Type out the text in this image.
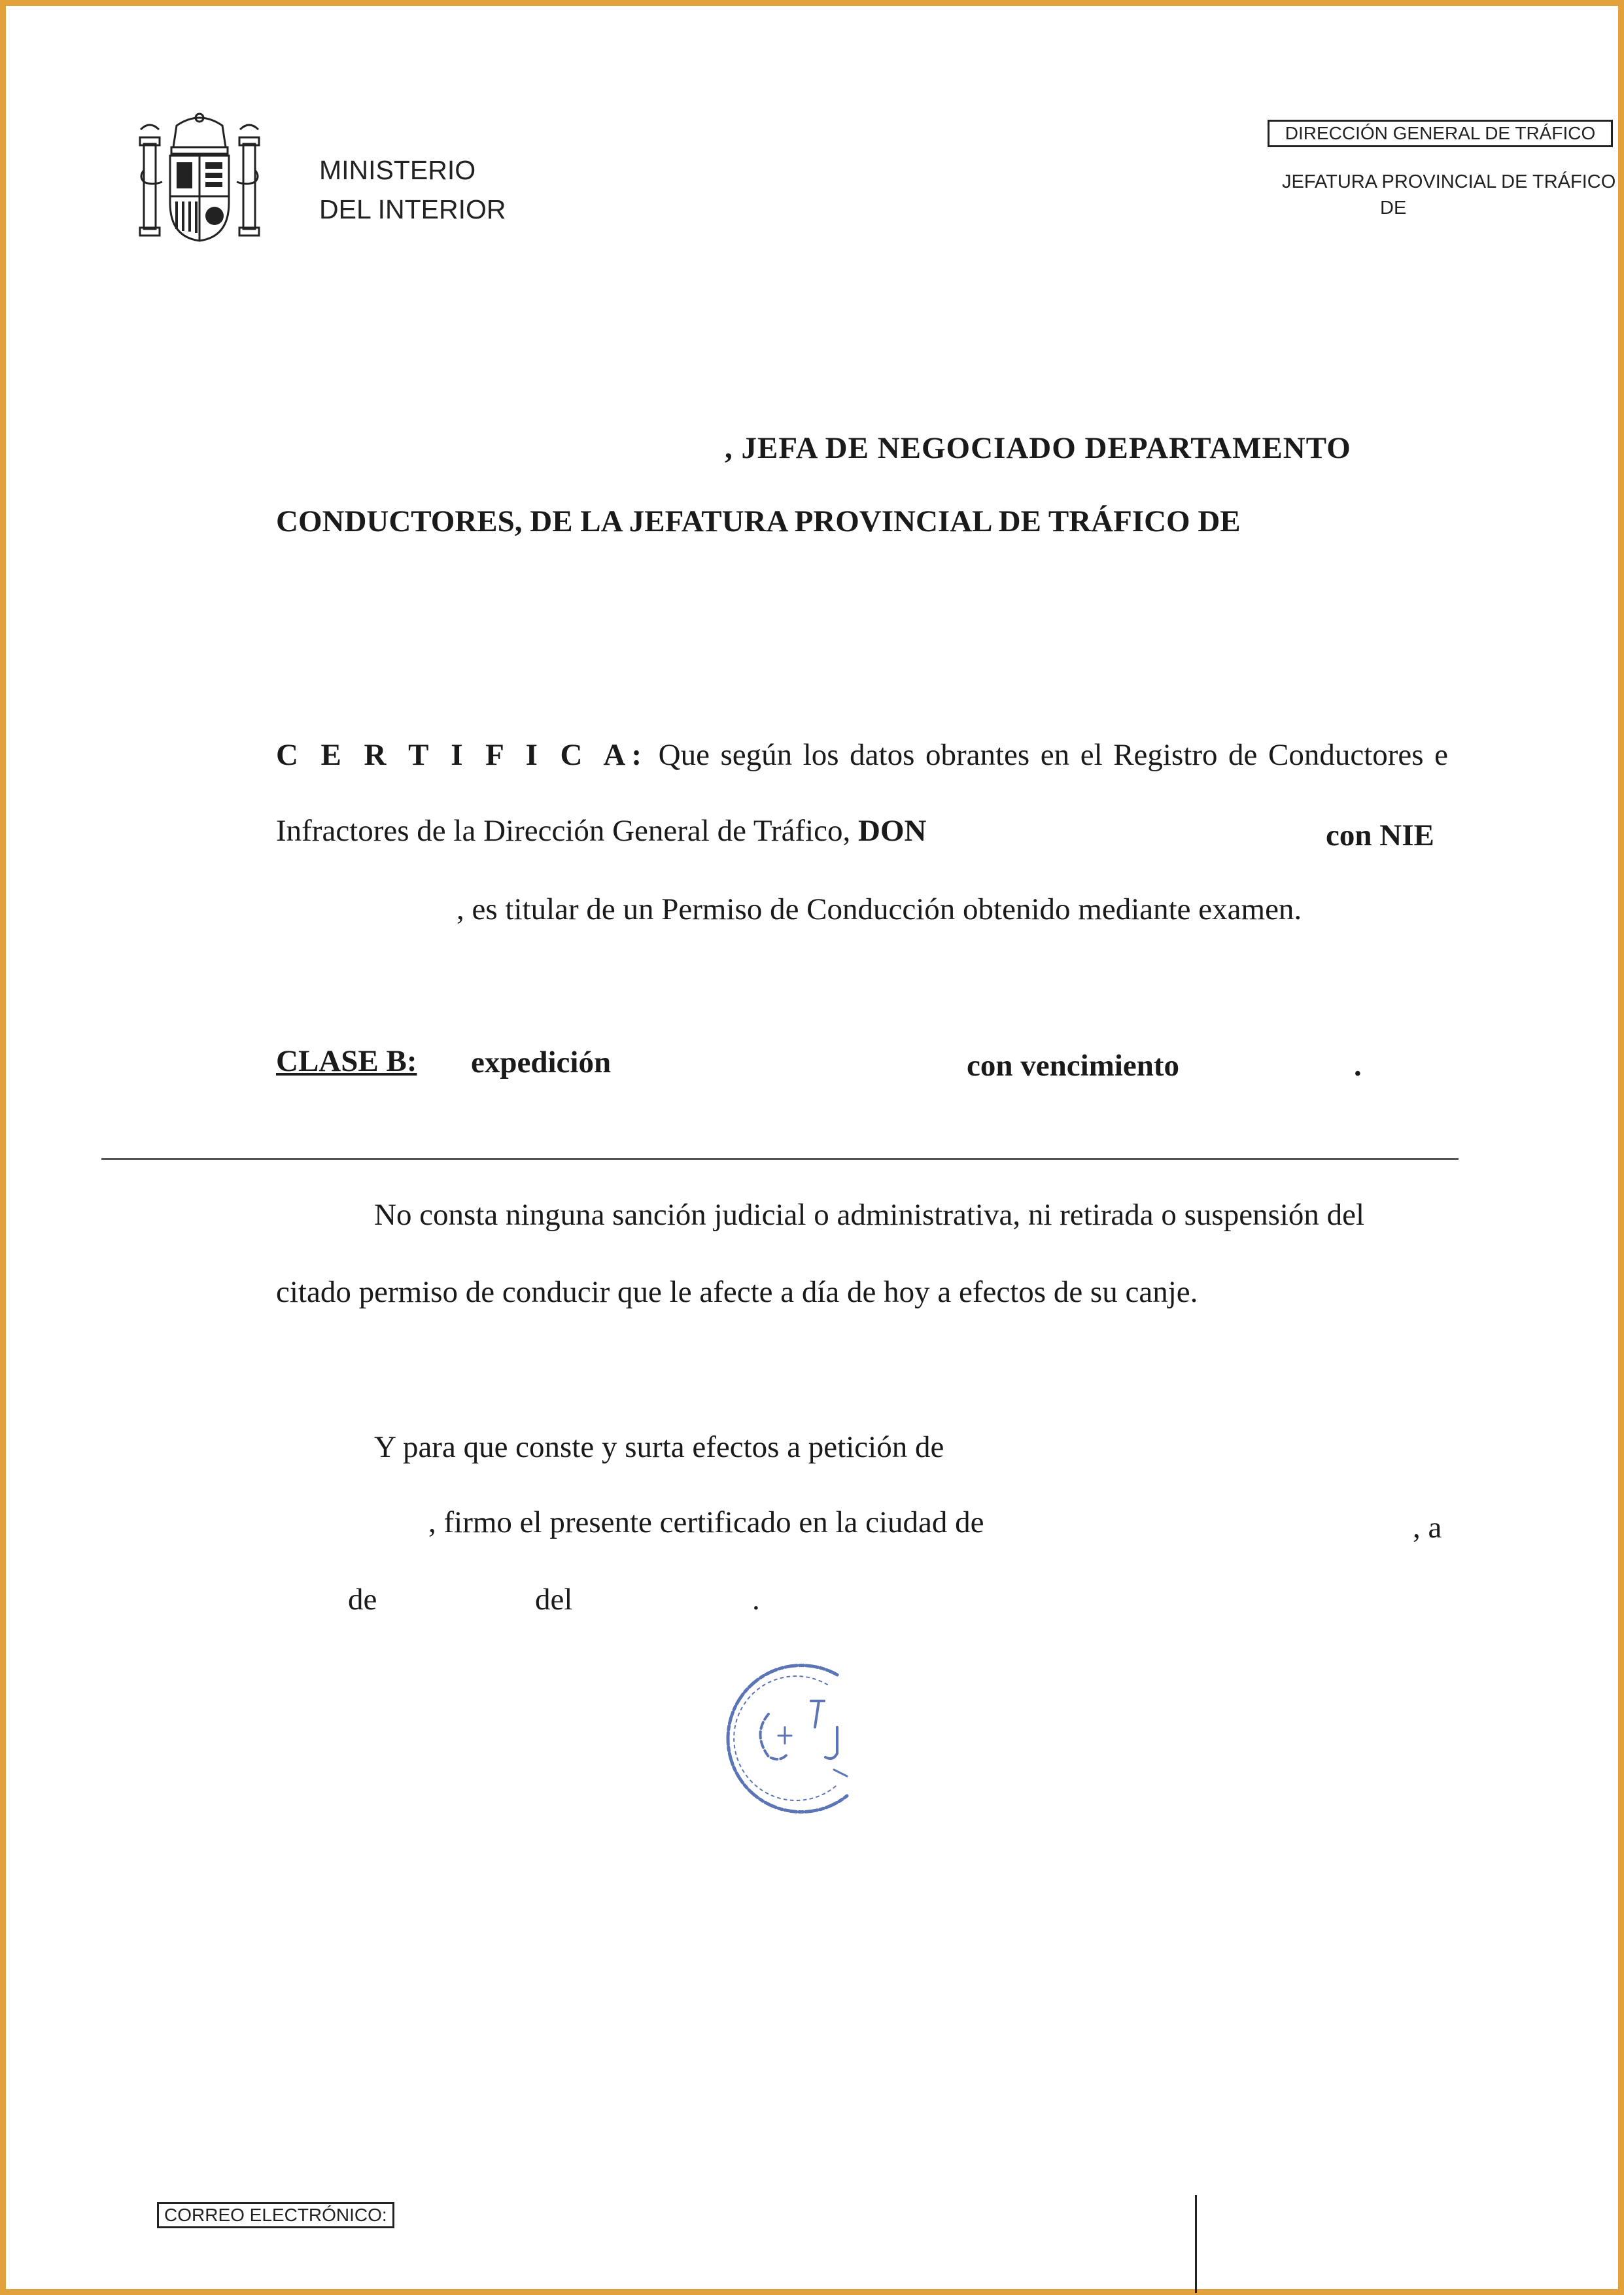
MINISTERIO
DEL INTERIOR
DIRECCIÓN GENERAL DE TRÁFICO
JEFATURA PROVINCIAL DE TRÁFICO
DE
, JEFA DE NEGOCIADO DEPARTAMENTO
CONDUCTORES, DE LA JEFATURA PROVINCIAL DE TRÁFICO DE
C E R T I F I C A: Que según los datos obrantes en el Registro de Conductores e
Infractores de la Dirección General de Tráfico, DON	con NIE
, es titular de un Permiso de Conducción obtenido mediante examen.
CLASE B: expedición	con vencimiento	.
No consta ninguna sanción judicial o administrativa, ni retirada o suspensión del
citado permiso de conducir que le afecte a día de hoy a efectos de su canje.
Y para que conste y surta efectos a petición de
, firmo el presente certificado en la ciudad de	, a
de	del	.
CORREO ELECTRÓNICO:
